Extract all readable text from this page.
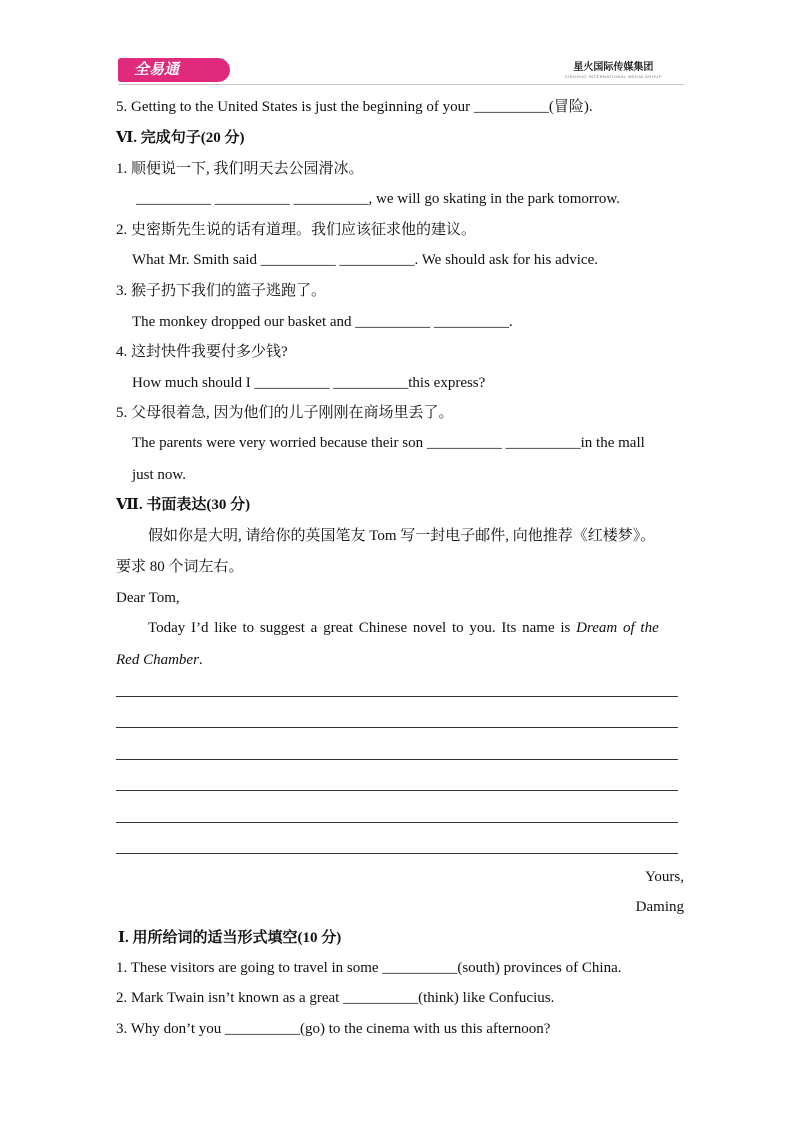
全易通	星火国际传媒集团
XINGHUO INTERNATIONAL MEDIA GROUP
5. Getting to the United States is just the beginning of your __________(冒险).
Ⅵ. 完成句子(20 分)
1. 顺便说一下, 我们明天去公园滑冰。
__________ __________ __________, we will go skating in the park tomorrow.
2. 史密斯先生说的话有道理。我们应该征求他的建议。
What Mr. Smith said __________ __________. We should ask for his advice.
3. 猴子扔下我们的篮子逃跑了。
The monkey dropped our basket and __________ __________.
4. 这封快件我要付多少钱?
How much should I __________ __________this express?
5. 父母很着急, 因为他们的儿子刚刚在商场里丢了。
The parents were very worried because their son __________ __________in the mall
just now.
Ⅶ. 书面表达(30 分)
假如你是大明, 请给你的英国笔友 Tom 写一封电子邮件, 向他推荐《红楼梦》。
要求 80 个词左右。
Dear Tom,
Today I’d like to suggest a great Chinese novel to you. Its name is Dream of the
Red Chamber.
Yours,
Daming
Ⅰ. 用所给词的适当形式填空(10 分)
1. These visitors are going to travel in some __________(south) provinces of China.
2. Mark Twain isn’t known as a great __________(think) like Confucius.
3. Why don’t you __________(go) to the cinema with us this afternoon?
